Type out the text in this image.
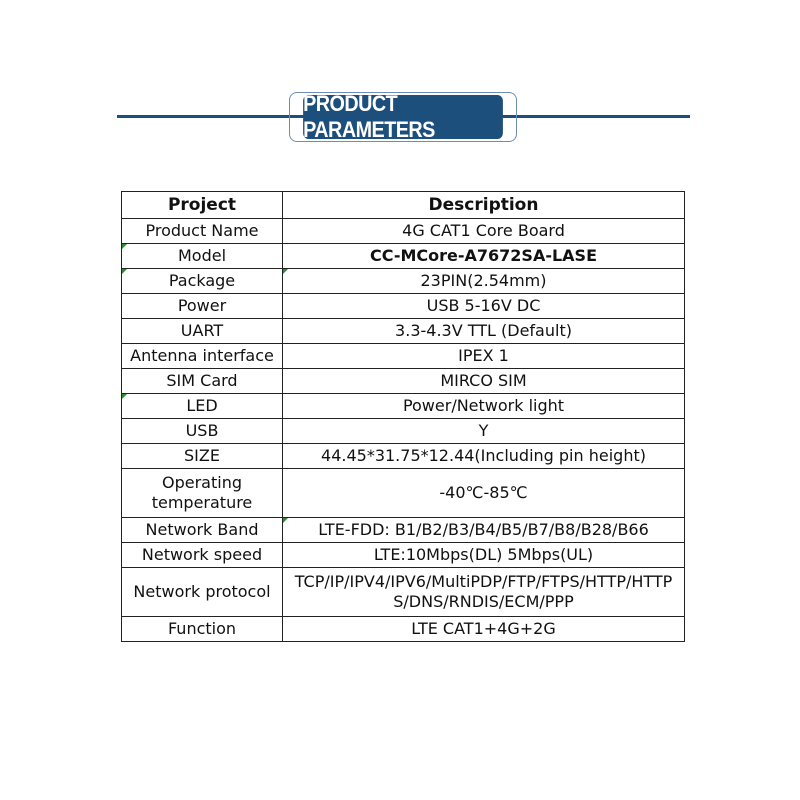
PRODUCT PARAMETERS
Project	Description
Product Name	4G CAT1 Core Board
Model	CC-MCore-A7672SA-LASE
Package	23PIN(2.54mm)
Power	USB 5-16V DC
UART	3.3-4.3V TTL (Default)
Antenna interface	IPEX 1
SIM Card	MIRCO SIM
LED	Power/Network light
USB	Y
SIZE	44.45*31.75*12.44(Including pin height)
Operating temperature	-40℃-85℃
Network Band	LTE-FDD: B1/B2/B3/B4/B5/B7/B8/B28/B66
Network speed	LTE:10Mbps(DL) 5Mbps(UL)
Network protocol	TCP/IP/IPV4/IPV6/MultiPDP/FTP/FTPS/HTTP/HTTPS/DNS/RNDIS/ECM/PPP
Function	LTE CAT1+4G+2G
